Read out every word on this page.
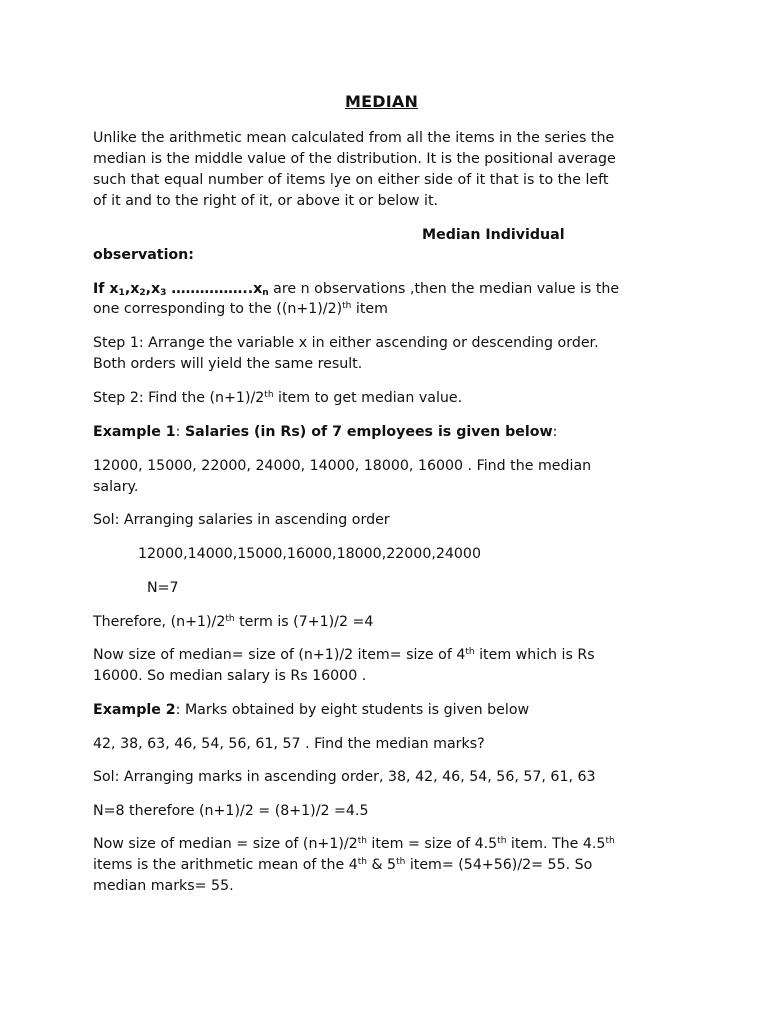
MEDIAN
Unlike the arithmetic mean calculated from all the items in the series the
median is the middle value of the distribution. It is the positional average
such that equal number of items lye on either side of it that is to the left
of it and to the right of it, or above it or below it.
Median Individual
observation:
If $x_1,x_2,x_3$ $\dots\dots\dots\dots\dots..x_n$ are n observations ,then the median value is the
one corresponding to the $((n+1)/2)^{th}$ item
Step 1: Arrange the variable x in either ascending or descending order.
Both orders will yield the same result.
Step 2: Find the (n+1)/2th item to get median value.
Example 1: Salaries (in Rs) of 7 employees is given below:
12000, 15000, 22000, 24000, 14000, 18000, 16000 . Find the median
salary.
Sol: Arranging salaries in ascending order
12000,14000,15000,16000,18000,22000,24000
N=7
Therefore, (n+1)/2th term is (7+1)/2 =4
Now size of median= size of (n+1)/2 item= size of 4th item which is Rs
16000. So median salary is Rs 16000 .
Example 2: Marks obtained by eight students is given below
42, 38, 63, 46, 54, 56, 61, 57 . Find the median marks?
Sol: Arranging marks in ascending order, 38, 42, 46, 54, 56, 57, 61, 63
N=8 therefore (n+1)/2 = (8+1)/2 =4.5
Now size of median = size of (n+1)/2th item = size of 4.5th item. The 4.5th
items is the arithmetic mean of the 4th & 5th item= (54+56)/2= 55. So
median marks= 55.
